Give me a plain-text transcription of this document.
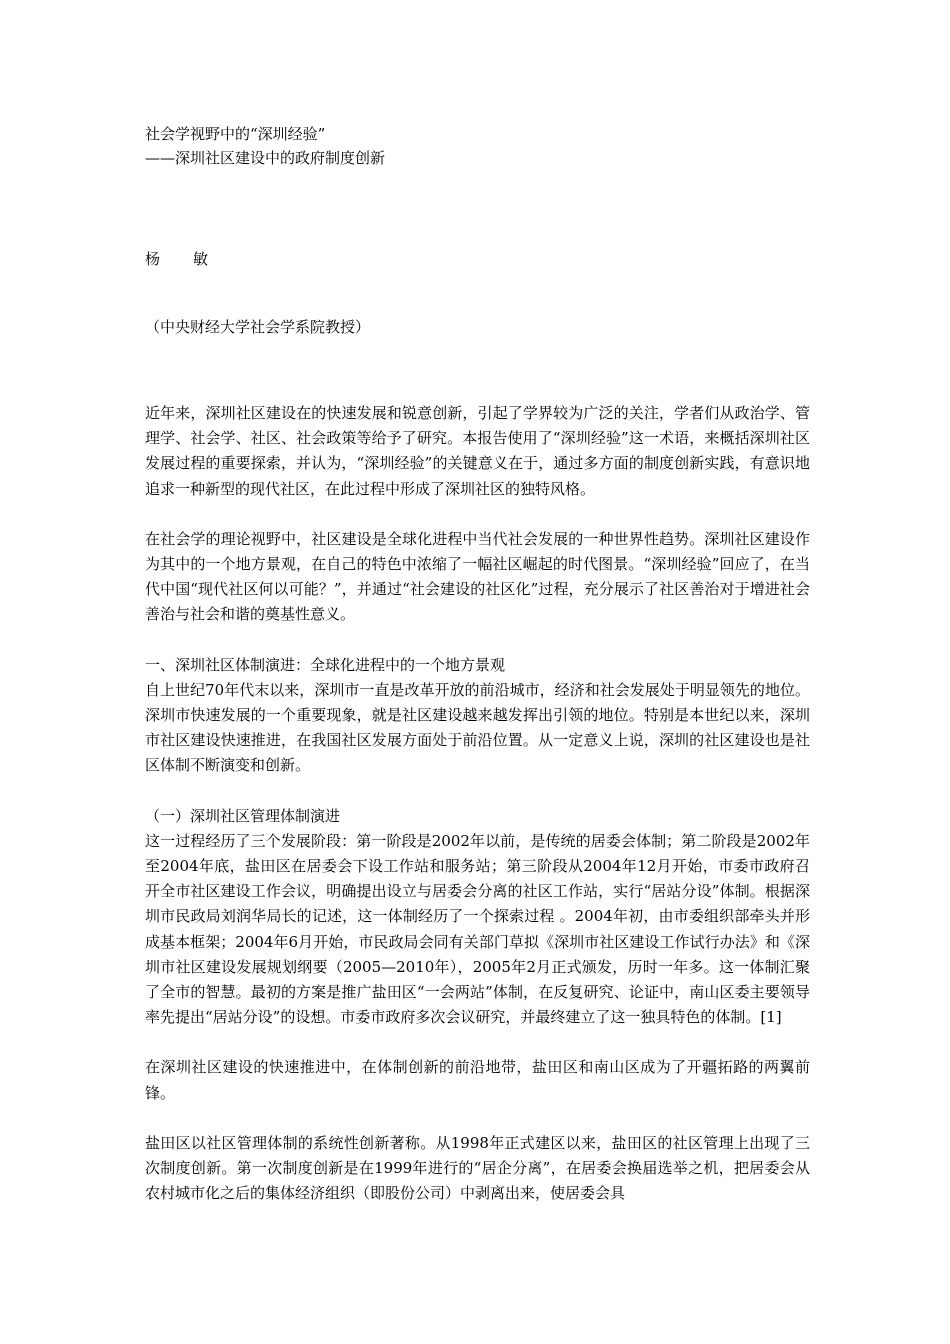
社会学视野中的“深圳经验”

——深圳社区建设中的政府制度创新

杨 敏
（中央财经大学社会学系院教授）

近年来，深圳社区建设在的快速发展和锐意创新，引起了学界较为广泛的关注，学者们从政治学、管理学、社会学、社区、社会政策等给予了研究。本报告使用了“深圳经验”这一术语，来概括深圳社区发展过程的重要探索，并认为，“深圳经验”的关键意义在于，通过多方面的制度创新实践，有意识地追求一种新型的现代社区，在此过程中形成了深圳社区的独特风格。

在社会学的理论视野中，社区建设是全球化进程中当代社会发展的一种世界性趋势。深圳社区建设作为其中的一个地方景观，在自己的特色中浓缩了一幅社区崛起的时代图景。“深圳经验”回应了，在当代中国“现代社区何以可能？”，并通过“社会建设的社区化”过程，充分展示了社区善治对于增进社会善治与社会和谐的奠基性意义。

一、深圳社区体制演进：全球化进程中的一个地方景观

自上世纪70年代末以来，深圳市一直是改革开放的前沿城市，经济和社会发展处于明显领先的地位。深圳市快速发展的一个重要现象，就是社区建设越来越发挥出引领的地位。特别是本世纪以来，深圳市社区建设快速推进，在我国社区发展方面处于前沿位置。从一定意义上说，深圳的社区建设也是社区体制不断演变和创新。

（一）深圳社区管理体制演进

这一过程经历了三个发展阶段：第一阶段是2002年以前，是传统的居委会体制；第二阶段是2002年至2004年底，盐田区在居委会下设工作站和服务站；第三阶段从2004年12月开始，市委市政府召开全市社区建设工作会议，明确提出设立与居委会分离的社区工作站，实行“居站分设”体制。根据深圳市民政局刘润华局长的记述，这一体制经历了一个探索过程 。2004年初，由市委组织部牵头并形成基本框架；2004年6月开始，市民政局会同有关部门草拟《深圳市社区建设工作试行办法》和《深圳市社区建设发展规划纲要（2005—2010年），2005年2月正式颁发，历时一年多。这一体制汇聚了全市的智慧。最初的方案是推广盐田区“一会两站”体制，在反复研究、论证中，南山区委主要领导率先提出“居站分设”的设想。市委市政府多次会议研究，并最终建立了这一独具特色的体制。[1]

在深圳社区建设的快速推进中，在体制创新的前沿地带，盐田区和南山区成为了开疆拓路的两翼前锋。

盐田区以社区管理体制的系统性创新著称。从1998年正式建区以来，盐田区的社区管理上出现了三次制度创新。第一次制度创新是在1999年进行的“居企分离”，在居委会换届选举之机，把居委会从农村城市化之后的集体经济组织（即股份公司）中剥离出来，使居委会具
